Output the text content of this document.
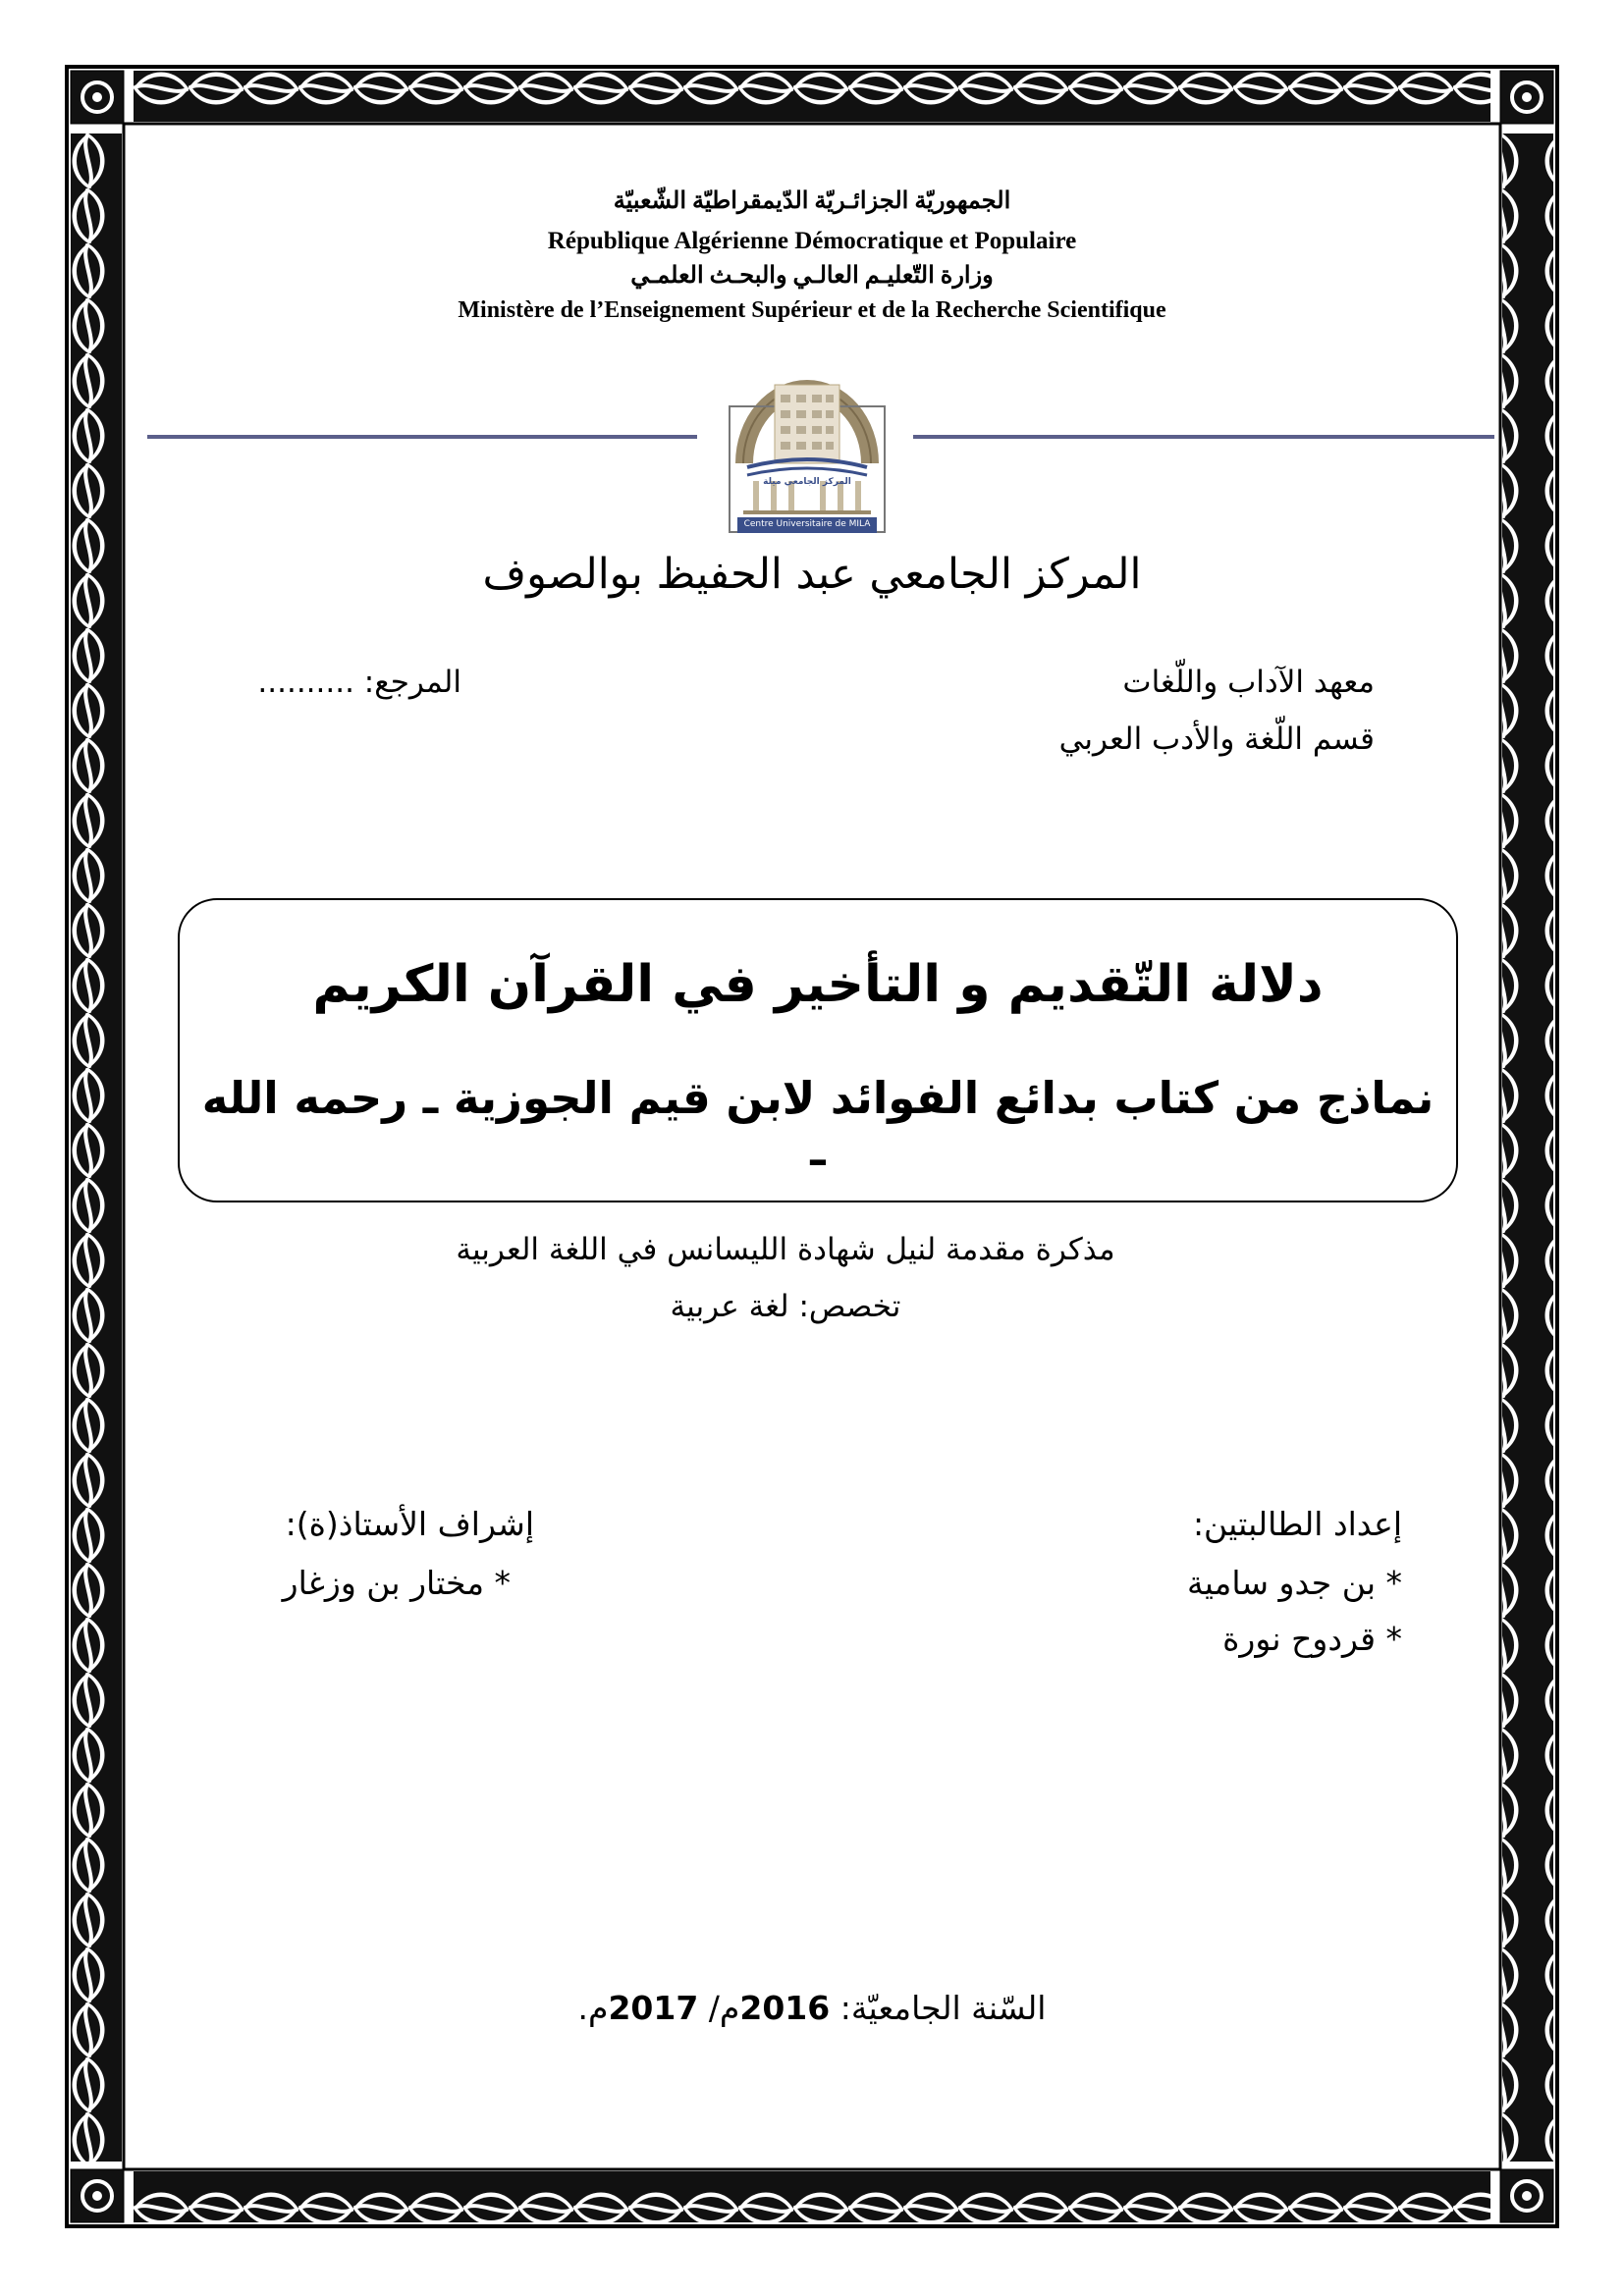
الجمهوريّة الجزائـريّة الدّيمقراطيّة الشّعبيّة
République Algérienne Démocratique et Populaire
وزارة التّعليـم العالـي والبحـث العلمـي
Ministère de l’Enseignement Supérieur et de la Recherche Scientifique
المركز الجامعي ميلة
Centre Universitaire de MILA
المركز الجامعي عبد الحفيظ بوالصوف
معهد الآداب واللّغات
قسم اللّغة والأدب العربي
المرجع: ..........
دلالة التّقديم و التأخير في القرآن الكريم
نماذج من كتاب بدائع الفوائد لابن قيم الجوزية ـ رحمه الله ـ
مذكرة مقدمة لنيل شهادة الليسانس في اللغة العربية
تخصص: لغة عربية
إعداد الطالبتين:
* بن جدو سامية
* قردوح نورة
إشراف الأستاذ(ة):
* مختار بن وزغار
السّنة الجامعيّة: 2016م/ 2017م.
